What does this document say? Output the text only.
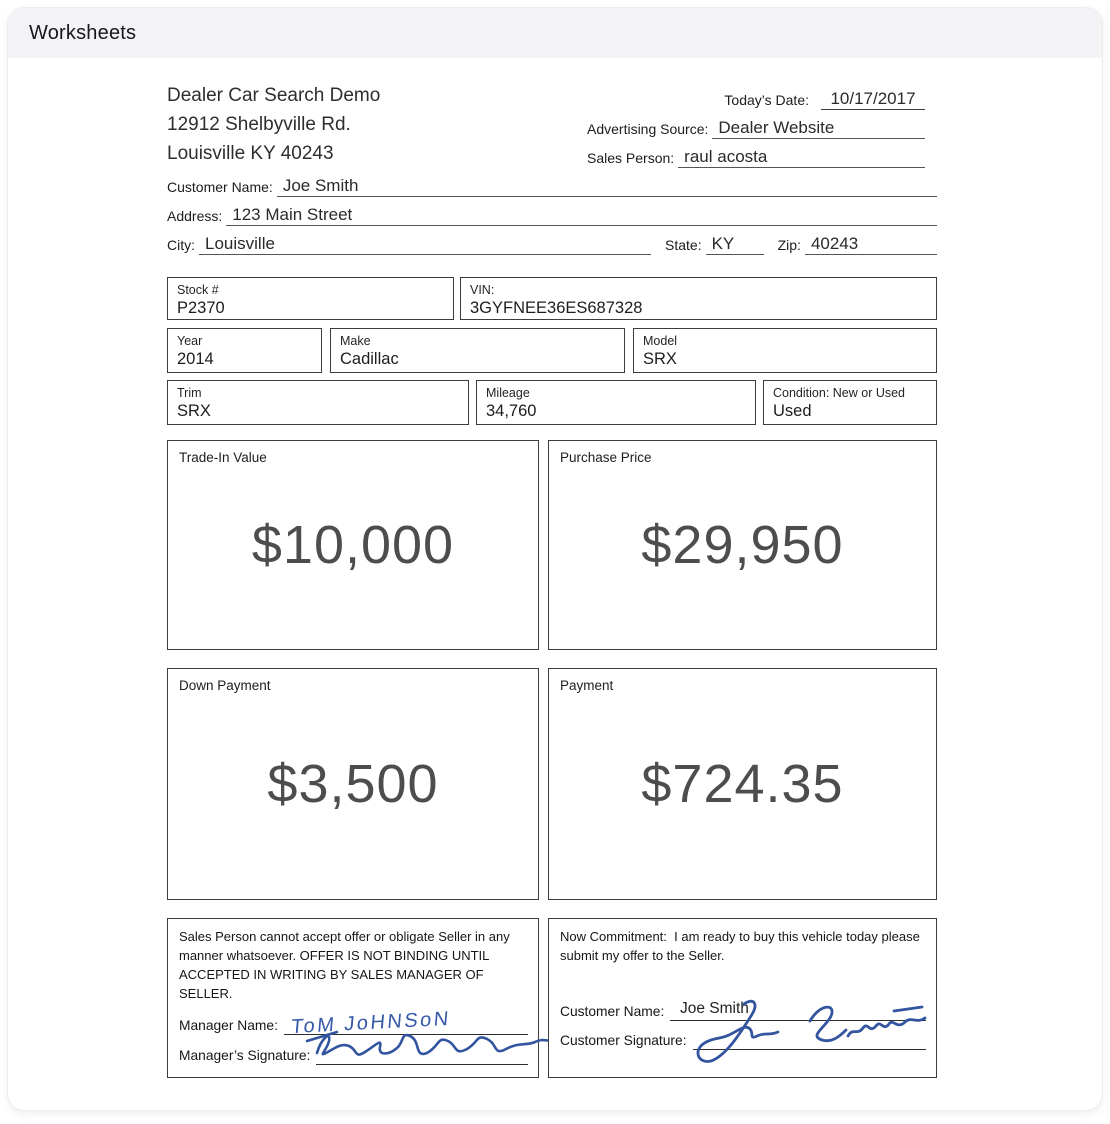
Worksheets
Dealer Car Search Demo
12912 Shelbyville Rd.
Louisville KY 40243
Today’s Date:	10/17/2017
Advertising Source: Dealer Website
Sales Person: raul acosta
Customer Name: Joe Smith
Address: 123 Main Street
City: Louisville	State: KY	Zip: 40243
Stock #
P2370
VIN:
3GYFNEE36ES687328
Year
2014
Make
Cadillac
Model
SRX
Trim
SRX
Mileage
34,760
Condition: New or Used
Used
Trade-In Value
$10,000
Purchase Price
$29,950
Down Payment
$3,500
Payment
$724.35
Sales Person cannot accept offer or obligate Seller in any manner whatsoever. OFFER IS NOT BINDING UNTIL ACCEPTED IN WRITING BY SALES MANAGER OF SELLER.
Manager Name: ToM JoHNSoN
Manager’s Signature:
Now Commitment:  I am ready to buy this vehicle today please submit my offer to the Seller.
Customer Name: Joe Smith
Customer Signature:
